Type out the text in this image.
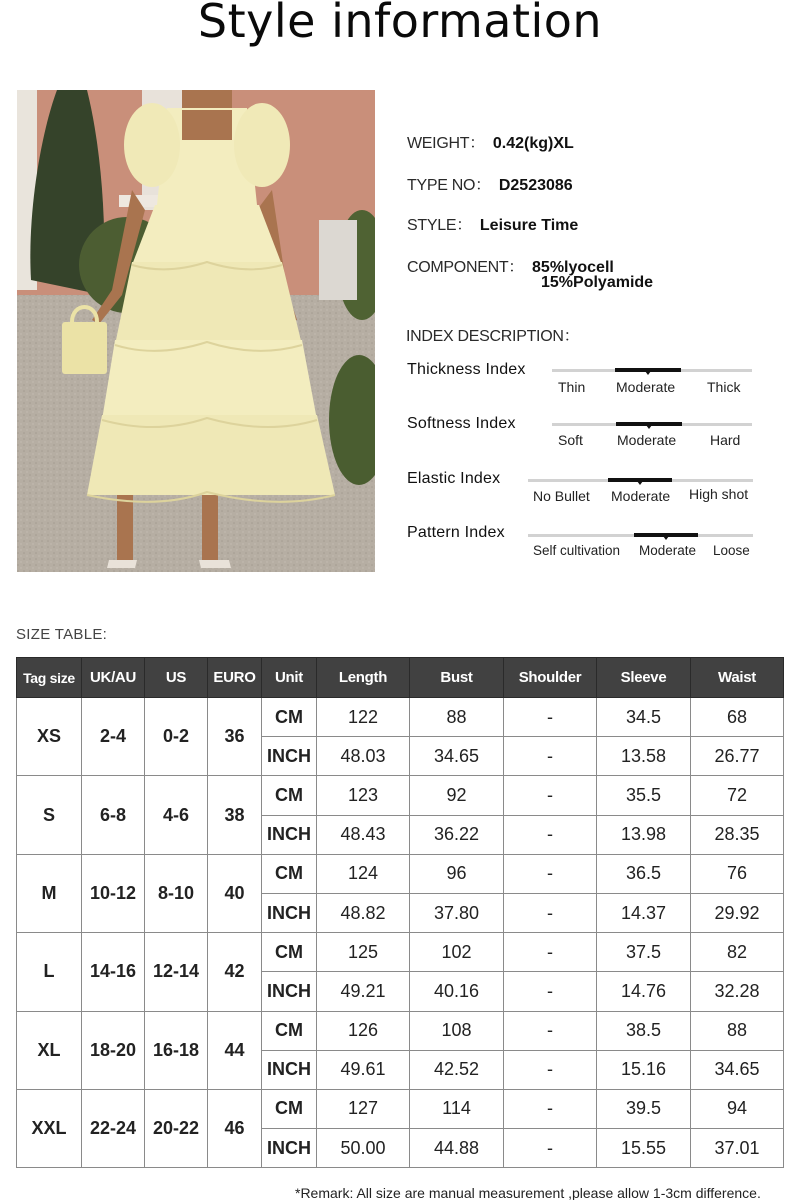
Style information
WEIGHT： 0.42(kg)XL
TYPE NO： D2523086
STYLE： Leisure Time
COMPONENT： 85%lyocell
15%Polyamide
INDEX DESCRIPTION：
Thickness Index
Thin Moderate Thick
Softness Index
Soft Moderate Hard
Elastic Index
No Bullet Moderate High shot
Pattern Index
Self cultivation Moderate Loose
SIZE TABLE:
Tag size	UK/AU	US	EURO	Unit	Length	Bust	Shoulder	Sleeve	Waist
XS	2-4	0-2	36	CM	122	88	-	34.5	68
				INCH	48.03	34.65	-	13.58	26.77
S	6-8	4-6	38	CM	123	92	-	35.5	72
				INCH	48.43	36.22	-	13.98	28.35
M	10-12	8-10	40	CM	124	96	-	36.5	76
				INCH	48.82	37.80	-	14.37	29.92
L	14-16	12-14	42	CM	125	102	-	37.5	82
				INCH	49.21	40.16	-	14.76	32.28
XL	18-20	16-18	44	CM	126	108	-	38.5	88
				INCH	49.61	42.52	-	15.16	34.65
XXL	22-24	20-22	46	CM	127	114	-	39.5	94
				INCH	50.00	44.88	-	15.55	37.01
*Remark: All size are manual measurement ,please allow 1-3cm difference.
